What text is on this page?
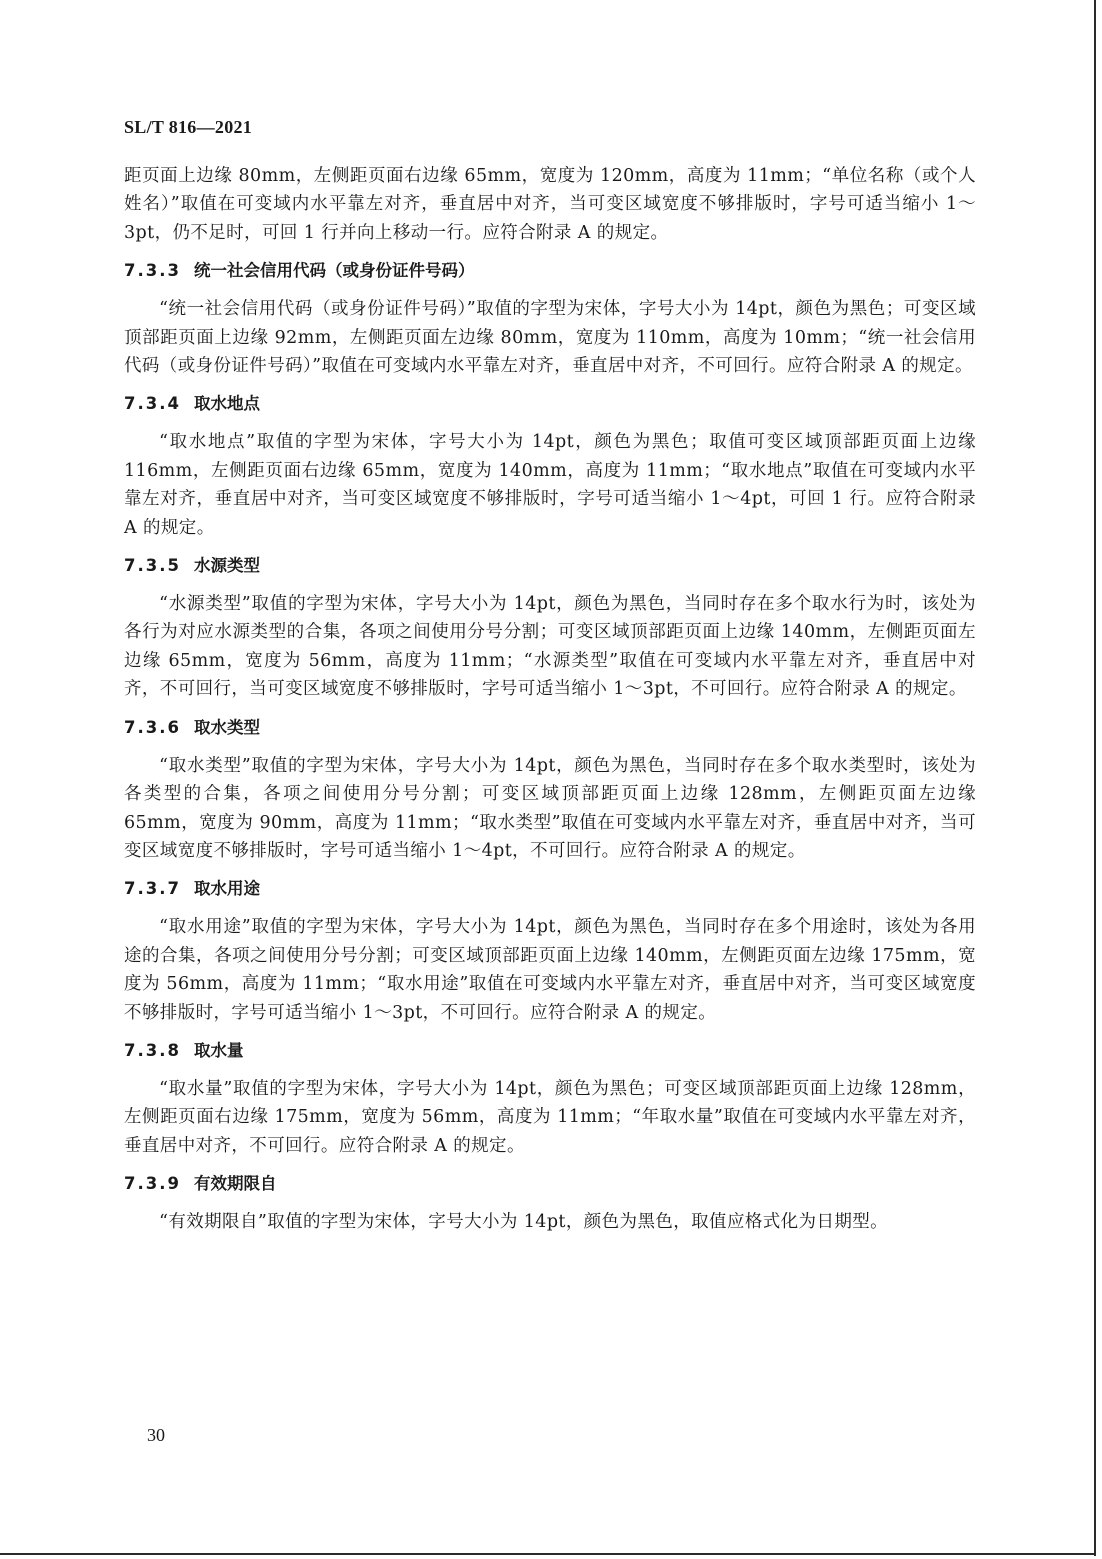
SL/T 816—2021

距页面上边缘 80mm，左侧距页面右边缘 65mm，宽度为 120mm，高度为 11mm；“单位名称（或个人姓名）”取值在可变域内水平靠左对齐，垂直居中对齐，当可变区域宽度不够排版时，字号可适当缩小 1～3pt，仍不足时，可回 1 行并向上移动一行。应符合附录 A 的规定。

7.3.3 统一社会信用代码（或身份证件号码）

“统一社会信用代码（或身份证件号码）”取值的字型为宋体，字号大小为 14pt，颜色为黑色；可变区域顶部距页面上边缘 92mm，左侧距页面左边缘 80mm，宽度为 110mm，高度为 10mm；“统一社会信用代码（或身份证件号码）”取值在可变域内水平靠左对齐，垂直居中对齐，不可回行。应符合附录 A 的规定。

7.3.4 取水地点

“取水地点”取值的字型为宋体，字号大小为 14pt，颜色为黑色；取值可变区域顶部距页面上边缘 116mm，左侧距页面右边缘 65mm，宽度为 140mm，高度为 11mm；“取水地点”取值在可变域内水平靠左对齐，垂直居中对齐，当可变区域宽度不够排版时，字号可适当缩小 1～4pt，可回 1 行。应符合附录 A 的规定。

7.3.5 水源类型

“水源类型”取值的字型为宋体，字号大小为 14pt，颜色为黑色，当同时存在多个取水行为时，该处为各行为对应水源类型的合集，各项之间使用分号分割；可变区域顶部距页面上边缘 140mm，左侧距页面左边缘 65mm，宽度为 56mm，高度为 11mm；“水源类型”取值在可变域内水平靠左对齐，垂直居中对齐，不可回行，当可变区域宽度不够排版时，字号可适当缩小 1～3pt，不可回行。应符合附录 A 的规定。

7.3.6 取水类型

“取水类型”取值的字型为宋体，字号大小为 14pt，颜色为黑色，当同时存在多个取水类型时，该处为各类型的合集，各项之间使用分号分割；可变区域顶部距页面上边缘 128mm，左侧距页面左边缘 65mm，宽度为 90mm，高度为 11mm；“取水类型”取值在可变域内水平靠左对齐，垂直居中对齐，当可变区域宽度不够排版时，字号可适当缩小 1～4pt，不可回行。应符合附录 A 的规定。

7.3.7 取水用途

“取水用途”取值的字型为宋体，字号大小为 14pt，颜色为黑色，当同时存在多个用途时，该处为各用途的合集，各项之间使用分号分割；可变区域顶部距页面上边缘 140mm，左侧距页面左边缘 175mm，宽度为 56mm，高度为 11mm；“取水用途”取值在可变域内水平靠左对齐，垂直居中对齐，当可变区域宽度不够排版时，字号可适当缩小 1～3pt，不可回行。应符合附录 A 的规定。

7.3.8 取水量

“取水量”取值的字型为宋体，字号大小为 14pt，颜色为黑色；可变区域顶部距页面上边缘 128mm，左侧距页面右边缘 175mm，宽度为 56mm，高度为 11mm；“年取水量”取值在可变域内水平靠左对齐，垂直居中对齐，不可回行。应符合附录 A 的规定。

7.3.9 有效期限自

“有效期限自”取值的字型为宋体，字号大小为 14pt，颜色为黑色，取值应格式化为日期型。

30
